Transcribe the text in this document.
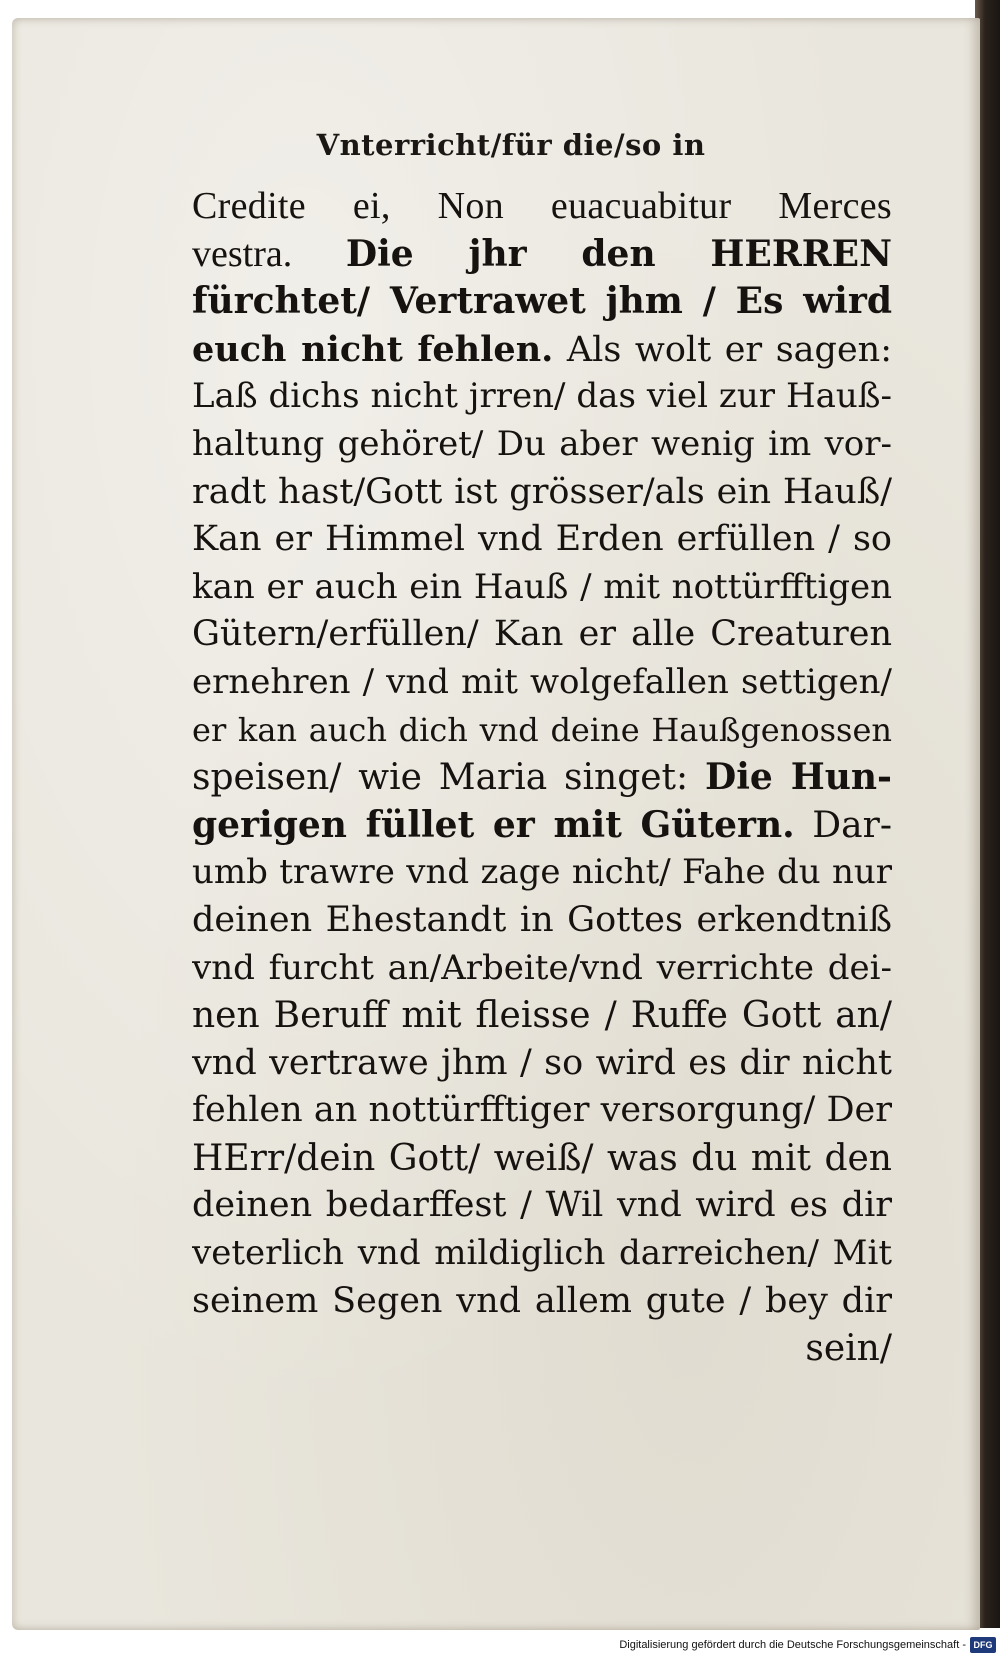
Vnterricht/für die/so in
Credite ei, Non euacuabitur Merces
vestra. Die jhr den HERREN
fürchtet/ Vertrawet jhm / Es wird
euch nicht fehlen. Als wolt er sagen:
Laß dichs nicht jrren/ das viel zur Hauß-
haltung gehöret/ Du aber wenig im vor-
radt hast/Gott ist grösser/als ein Hauß/
Kan er Himmel vnd Erden erfüllen / so
kan er auch ein Hauß / mit nottürfftigen
Gütern/erfüllen/ Kan er alle Creaturen
ernehren / vnd mit wolgefallen settigen/
er kan auch dich vnd deine Haußgenossen
speisen/ wie Maria singet: Die Hun-
gerigen füllet er mit Gütern. Dar-
umb trawre vnd zage nicht/ Fahe du nur
deinen Ehestandt in Gottes erkendtniß
vnd furcht an/Arbeite/vnd verrichte dei-
nen Beruff mit fleisse / Ruffe Gott an/
vnd vertrawe jhm / so wird es dir nicht
fehlen an nottürfftiger versorgung/ Der
HErr/dein Gott/ weiß/ was du mit den
deinen bedarffest / Wil vnd wird es dir
veterlich vnd mildiglich darreichen/ Mit
seinem Segen vnd allem gute / bey dir
sein/
Digitalisierung gefördert durch die Deutsche Forschungsgemeinschaft - DFG
